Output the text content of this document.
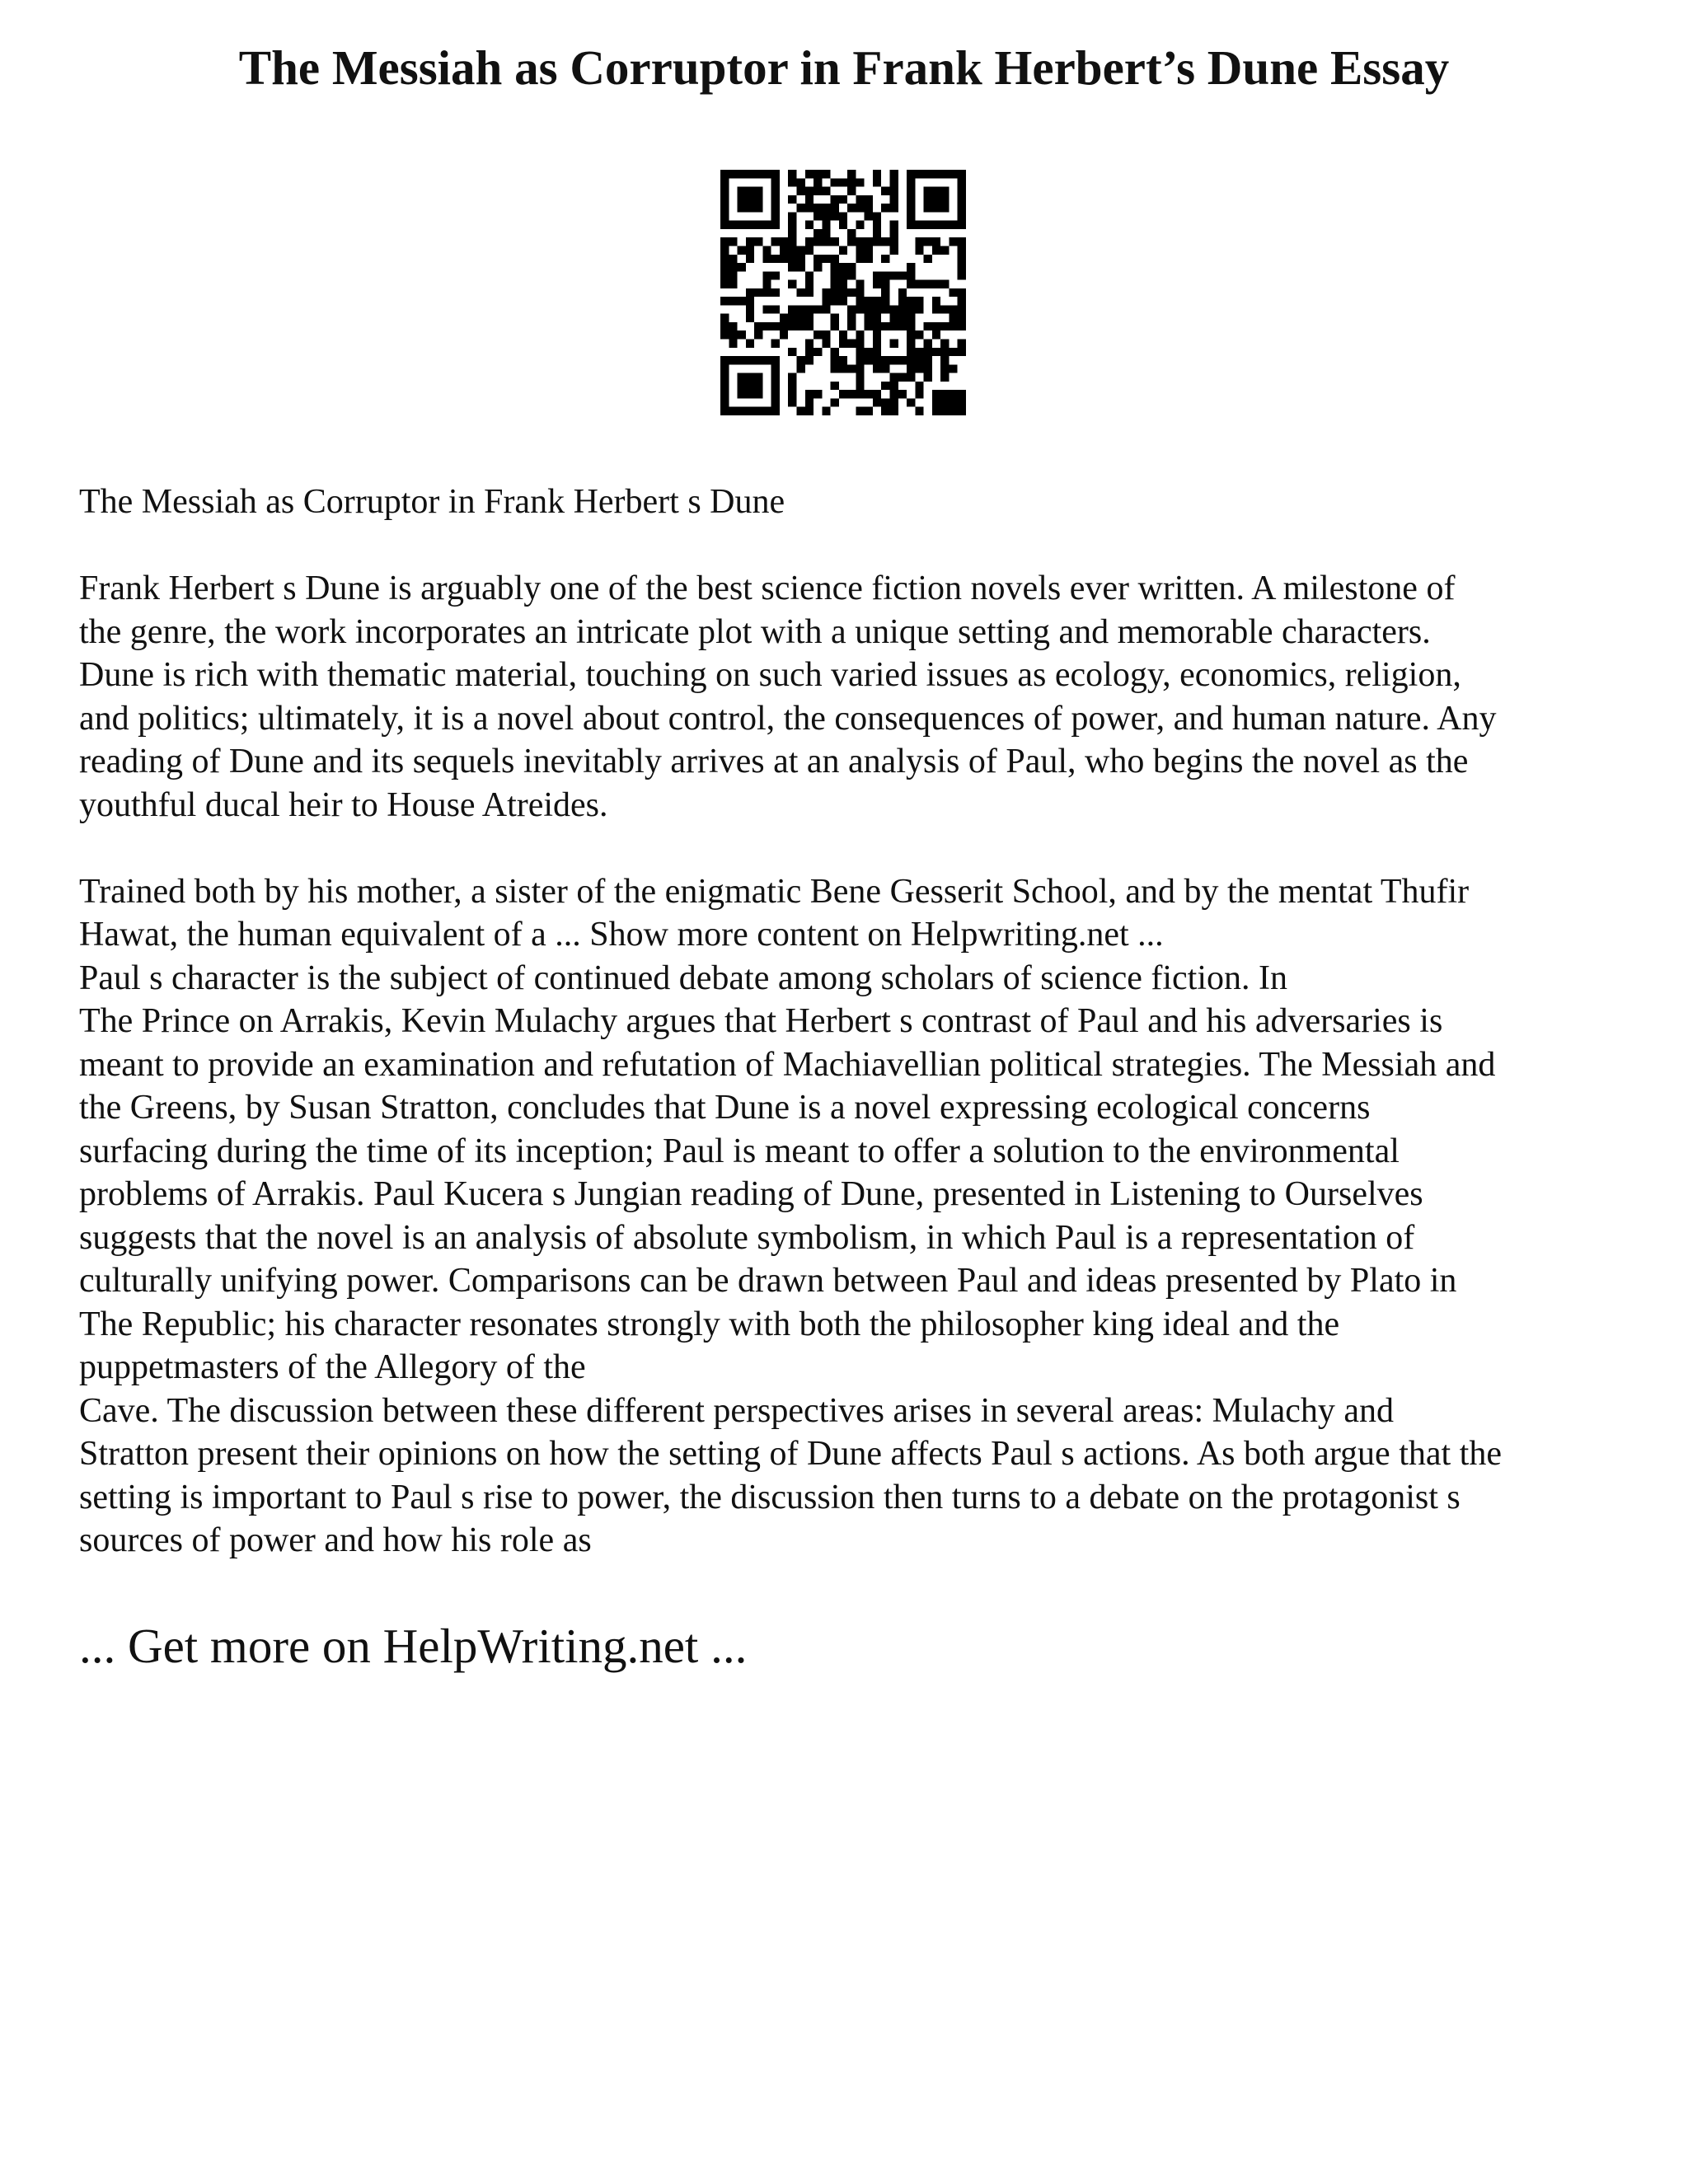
The Messiah as Corruptor in Frank Herbert’s Dune Essay

The Messiah as Corruptor in Frank Herbert s Dune

Frank Herbert s Dune is arguably one of the best science fiction novels ever written. A milestone of
the genre, the work incorporates an intricate plot with a unique setting and memorable characters.
Dune is rich with thematic material, touching on such varied issues as ecology, economics, religion,
and politics; ultimately, it is a novel about control, the consequences of power, and human nature. Any
reading of Dune and its sequels inevitably arrives at an analysis of Paul, who begins the novel as the
youthful ducal heir to House Atreides.

Trained both by his mother, a sister of the enigmatic Bene Gesserit School, and by the mentat Thufir
Hawat, the human equivalent of a ... Show more content on Helpwriting.net ...
Paul s character is the subject of continued debate among scholars of science fiction. In
The Prince on Arrakis, Kevin Mulachy argues that Herbert s contrast of Paul and his adversaries is
meant to provide an examination and refutation of Machiavellian political strategies. The Messiah and
the Greens, by Susan Stratton, concludes that Dune is a novel expressing ecological concerns
surfacing during the time of its inception; Paul is meant to offer a solution to the environmental
problems of Arrakis. Paul Kucera s Jungian reading of Dune, presented in Listening to Ourselves
suggests that the novel is an analysis of absolute symbolism, in which Paul is a representation of
culturally unifying power. Comparisons can be drawn between Paul and ideas presented by Plato in
The Republic; his character resonates strongly with both the philosopher king ideal and the
puppetmasters of the Allegory of the
Cave. The discussion between these different perspectives arises in several areas: Mulachy and
Stratton present their opinions on how the setting of Dune affects Paul s actions. As both argue that the
setting is important to Paul s rise to power, the discussion then turns to a debate on the protagonist s
sources of power and how his role as

... Get more on HelpWriting.net ...
